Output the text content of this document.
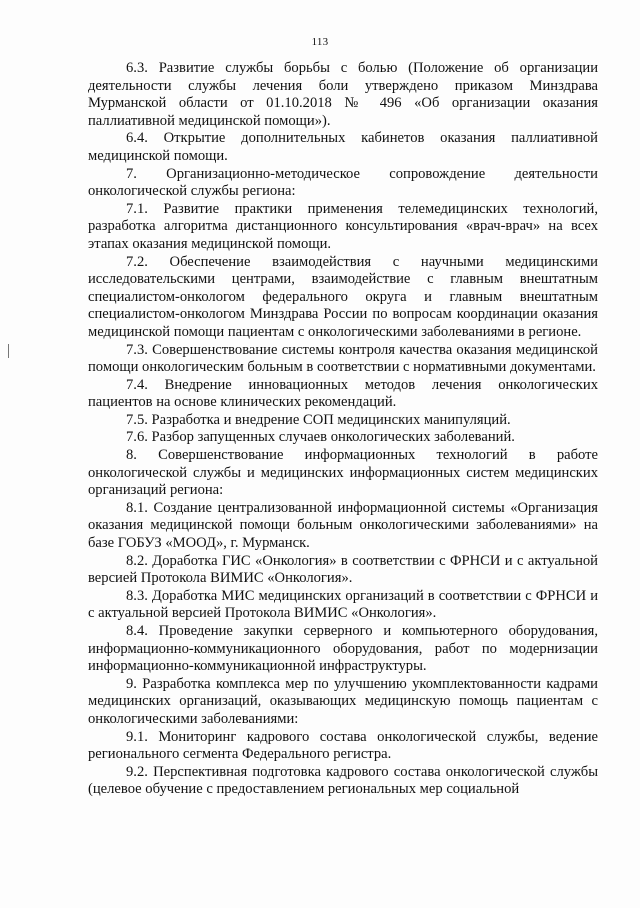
113

6.3. Развитие службы борьбы с болью (Положение об организации деятельности службы лечения боли утверждено приказом Минздрава Мурманской области от 01.10.2018 № 496 «Об организации оказания паллиативной медицинской помощи»).

6.4. Открытие дополнительных кабинетов оказания паллиативной медицинской помощи.

7. Организационно-методическое сопровождение деятельности онкологической службы региона:

7.1. Развитие практики применения телемедицинских технологий, разработка алгоритма дистанционного консультирования «врач-врач» на всех этапах оказания медицинской помощи.

7.2. Обеспечение взаимодействия с научными медицинскими исследовательскими центрами, взаимодействие с главным внештатным специалистом-онкологом федерального округа и главным внештатным специалистом-онкологом Минздрава России по вопросам координации оказания медицинской помощи пациентам с онкологическими заболеваниями в регионе.

7.3. Совершенствование системы контроля качества оказания медицинской помощи онкологическим больным в соответствии с нормативными документами.

7.4. Внедрение инновационных методов лечения онкологических пациентов на основе клинических рекомендаций.

7.5. Разработка и внедрение СОП медицинских манипуляций.

7.6. Разбор запущенных случаев онкологических заболеваний.

8. Совершенствование информационных технологий в работе онкологической службы и медицинских информационных систем медицинских организаций региона:

8.1. Создание централизованной информационной системы «Организация оказания медицинской помощи больным онкологическими заболеваниями» на базе ГОБУЗ «МООД», г. Мурманск.

8.2. Доработка ГИС «Онкология» в соответствии с ФРНСИ и с актуальной версией Протокола ВИМИС «Онкология».

8.3. Доработка МИС медицинских организаций в соответствии с ФРНСИ и с актуальной версией Протокола ВИМИС «Онкология».

8.4. Проведение закупки серверного и компьютерного оборудования, информационно-коммуникационного оборудования, работ по модернизации информационно-коммуникационной инфраструктуры.

9. Разработка комплекса мер по улучшению укомплектованности кадрами медицинских организаций, оказывающих медицинскую помощь пациентам с онкологическими заболеваниями:

9.1. Мониторинг кадрового состава онкологической службы, ведение регионального сегмента Федерального регистра.

9.2. Перспективная подготовка кадрового состава онкологической службы (целевое обучение с предоставлением региональных мер социальной
